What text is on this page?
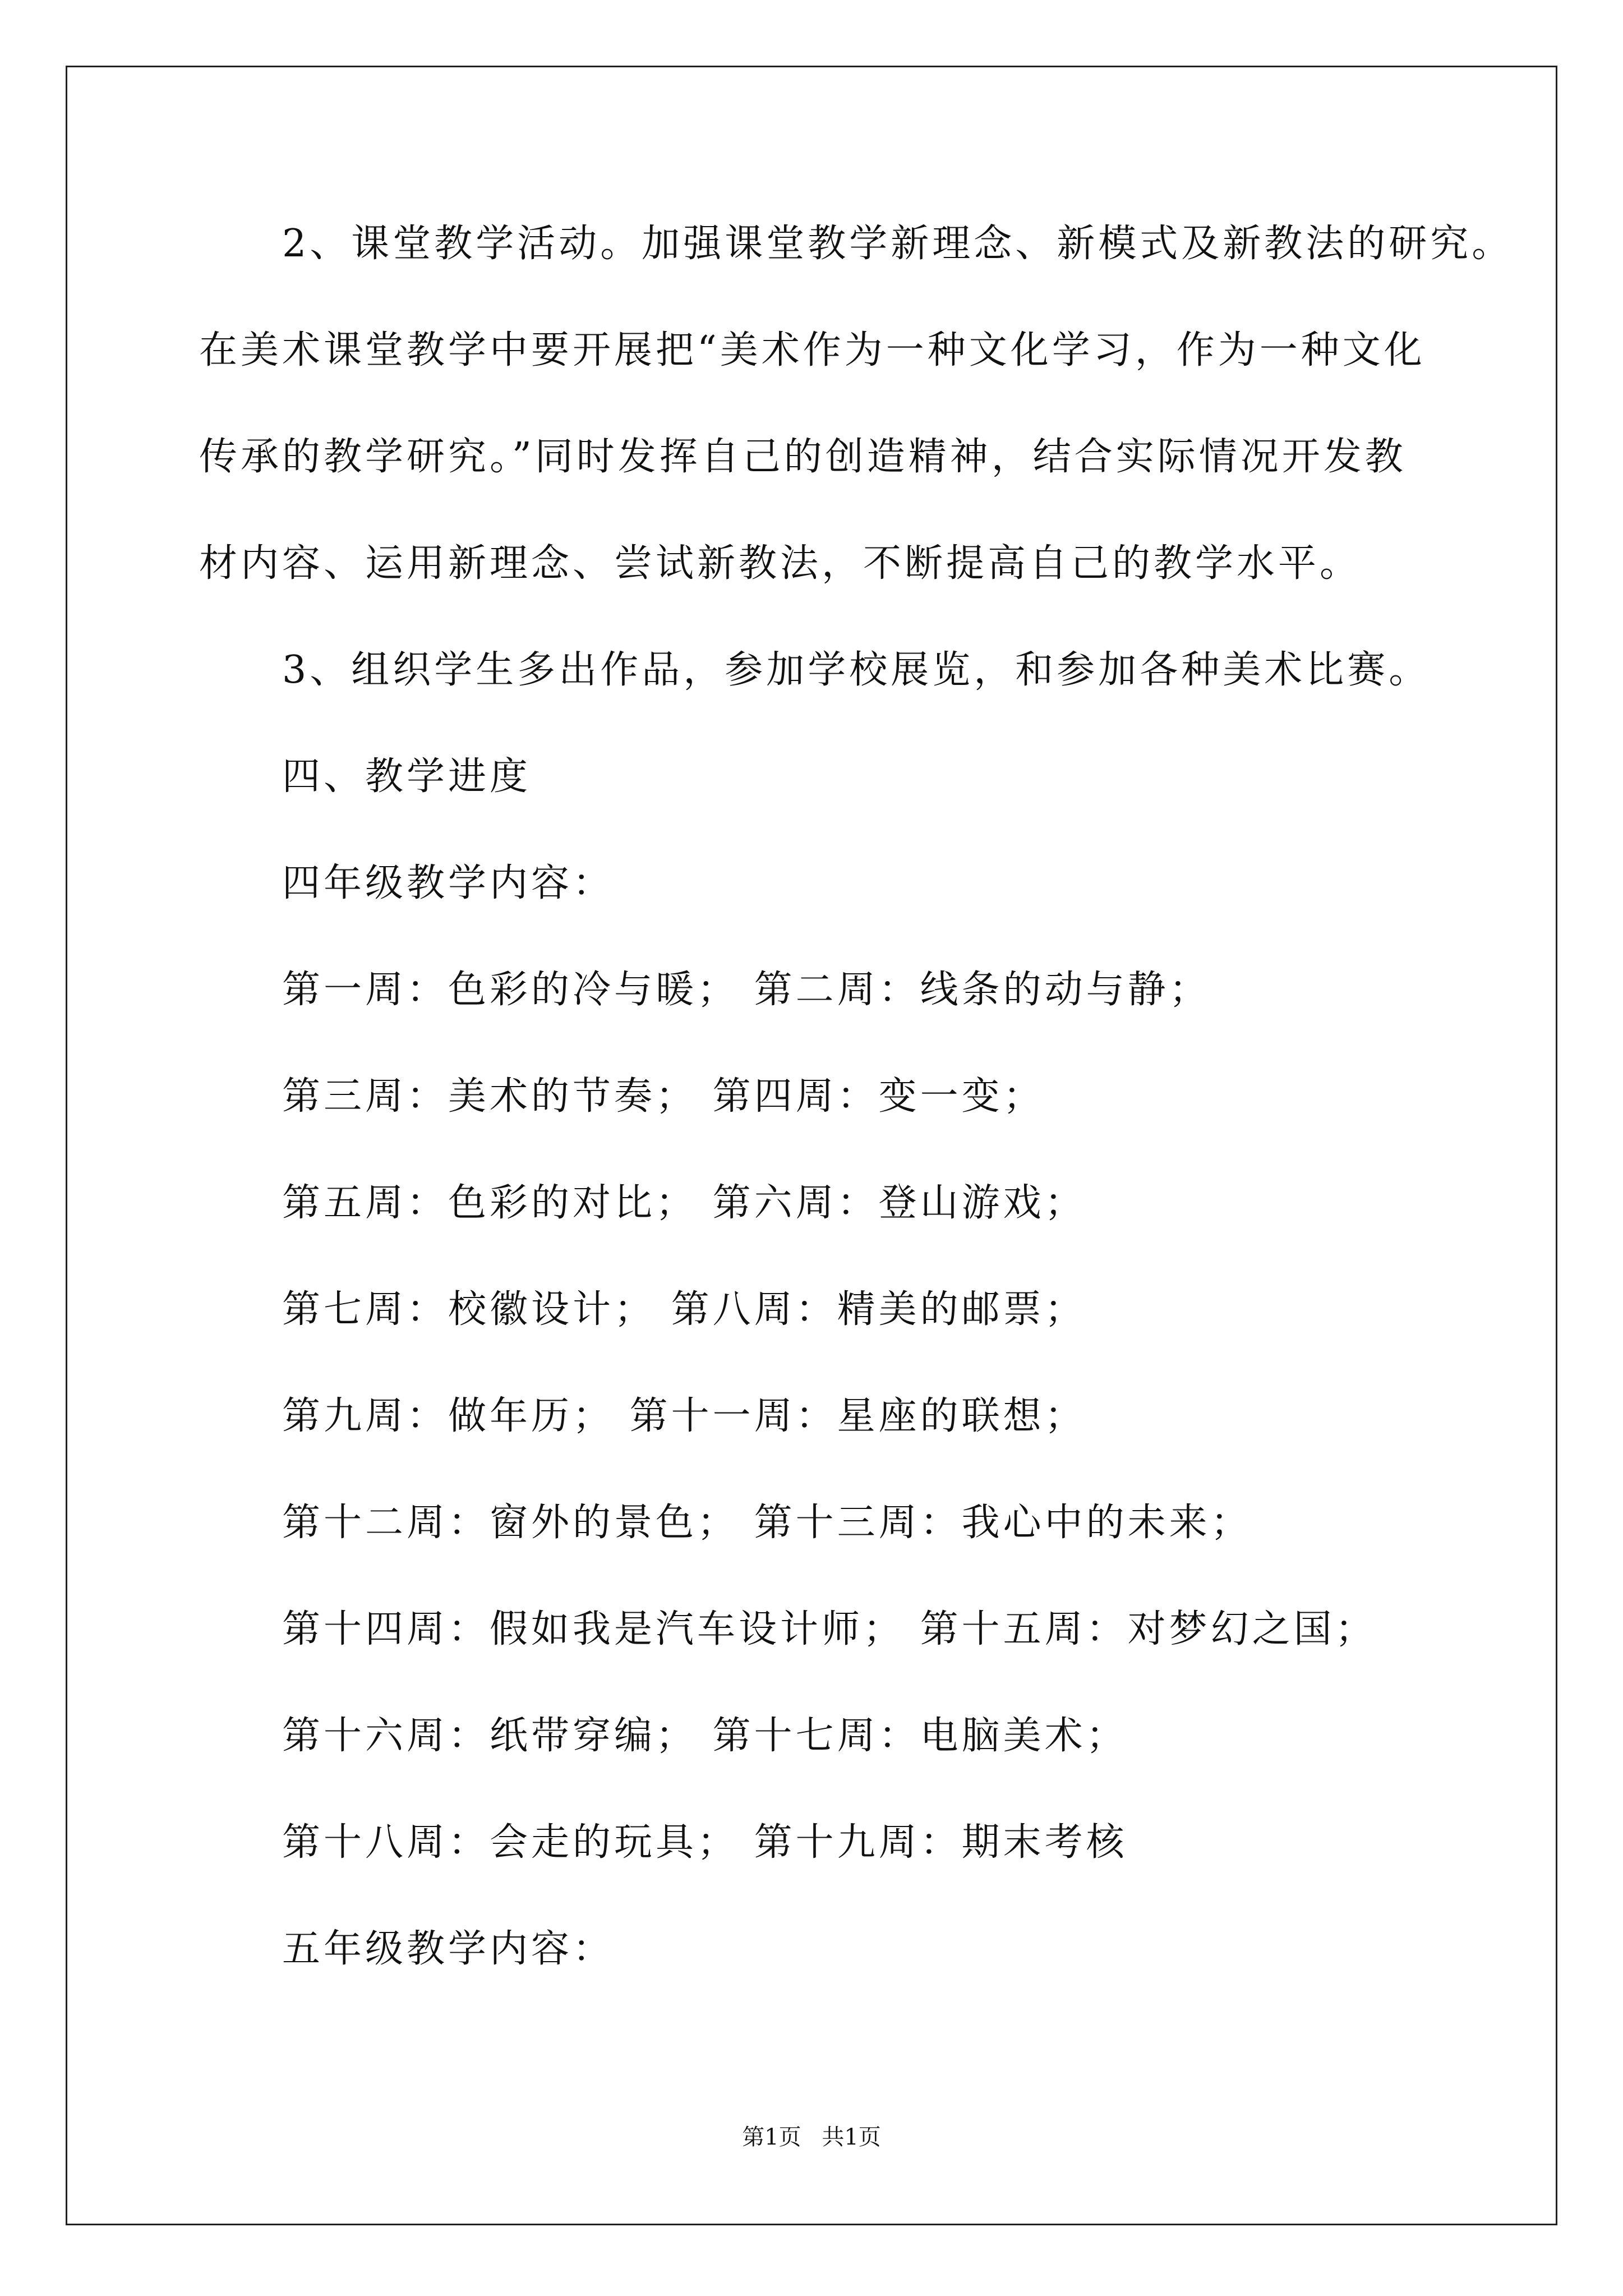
2、课堂教学活动。加强课堂教学新理念、新模式及新教法的研究。
在美术课堂教学中要开展把“美术作为一种文化学习，作为一种文化
传承的教学研究。”同时发挥自己的创造精神，结合实际情况开发教
材内容、运用新理念、尝试新教法，不断提高自己的教学水平。
3、组织学生多出作品，参加学校展览，和参加各种美术比赛。
四、教学进度
四年级教学内容：
第一周：色彩的冷与暖； 第二周：线条的动与静；
第三周：美术的节奏； 第四周：变一变；
第五周：色彩的对比； 第六周：登山游戏；
第七周：校徽设计； 第八周：精美的邮票；
第九周：做年历； 第十一周：星座的联想；
第十二周：窗外的景色； 第十三周：我心中的未来；
第十四周：假如我是汽车设计师； 第十五周：对梦幻之国；
第十六周：纸带穿编； 第十七周：电脑美术；
第十八周：会走的玩具； 第十九周：期末考核
五年级教学内容：
第1页 共1页
